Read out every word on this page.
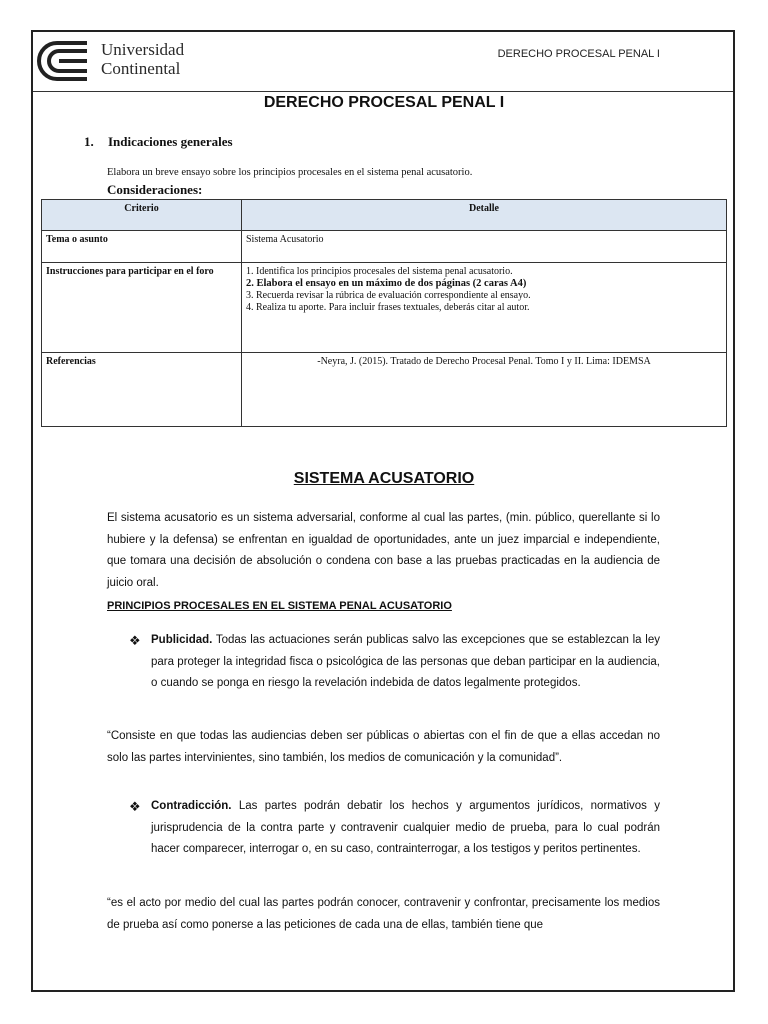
Universidad
Continental
DERECHO PROCESAL PENAL I
DERECHO PROCESAL PENAL I
1. Indicaciones generales
Elabora un breve ensayo sobre los principios procesales en el sistema penal acusatorio.
Consideraciones:
Criterio	Detalle
Tema o asunto	Sistema Acusatorio
Instrucciones para participar en el foro	1. Identifica los principios procesales del sistema penal acusatorio.
2. Elabora el ensayo en un máximo de dos páginas (2 caras A4)
3. Recuerda revisar la rúbrica de evaluación correspondiente al ensayo.
4. Realiza tu aporte. Para incluir frases textuales, deberás citar al autor.

Referencias	-Neyra, J. (2015). Tratado de Derecho Procesal Penal. Tomo I y II. Lima: IDEMSA
SISTEMA ACUSATORIO
El sistema acusatorio es un sistema adversarial, conforme al cual las partes, (min. público, querellante si lo hubiere y la defensa) se enfrentan en igualdad de oportunidades, ante un juez imparcial e independiente, que tomara una decisión de absolución o condena con base a las pruebas practicadas en la audiencia de juicio oral.
PRINCIPIOS PROCESALES EN EL SISTEMA PENAL ACUSATORIO
❖ Publicidad. Todas las actuaciones serán publicas salvo las excepciones que se establezcan la ley para proteger la integridad fisca o psicológica de las personas que deban participar en la audiencia, o cuando se ponga en riesgo la revelación indebida de datos legalmente protegidos.
“Consiste en que todas las audiencias deben ser públicas o abiertas con el fin de que a ellas accedan no solo las partes intervinientes, sino también, los medios de comunicación y la comunidad”.
❖ Contradicción. Las partes podrán debatir los hechos y argumentos jurídicos, normativos y jurisprudencia de la contra parte y contravenir cualquier medio de prueba, para lo cual podrán hacer comparecer, interrogar o, en su caso, contrainterrogar, a los testigos y peritos pertinentes.
“es el acto por medio del cual las partes podrán conocer, contravenir y confrontar, precisamente los medios de prueba así como ponerse a las peticiones de cada una de ellas, también tiene que
